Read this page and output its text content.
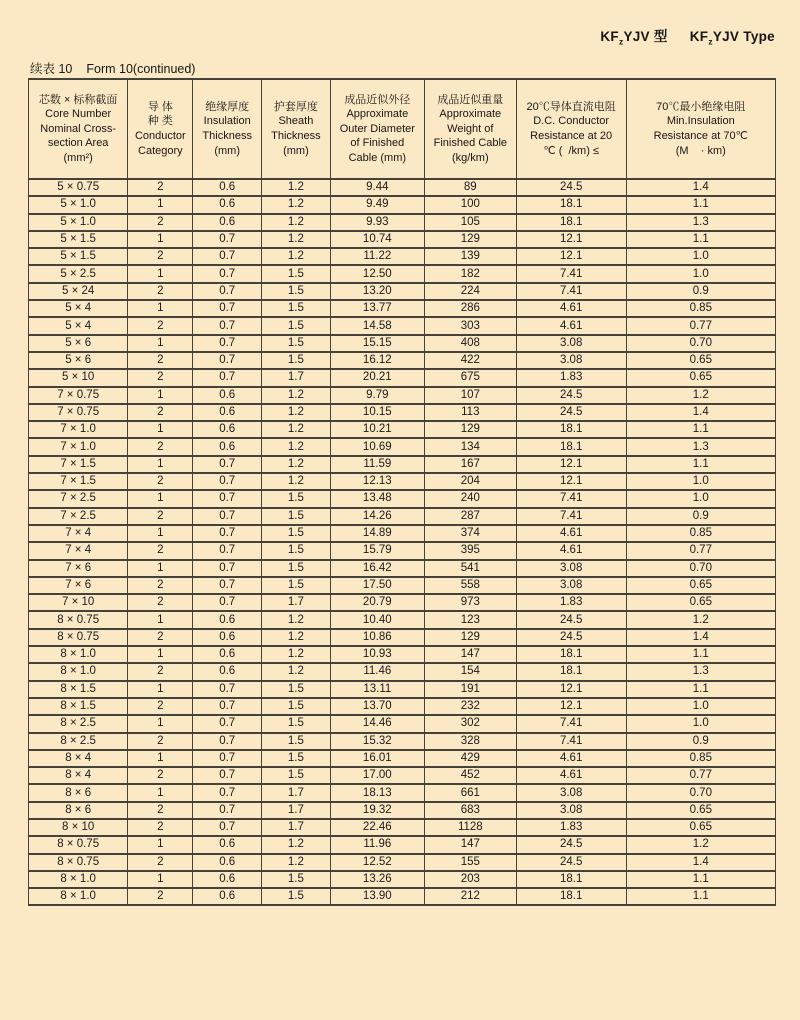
$KF_zYJV$ 型 $KF_zYJV$ Type
续表 10 Form 10(continued)
芯数 × 标称截面
Core Number
Nominal Cross-
section Area
(mm²)

导 体
种 类
Conductor
Category

绝缘厚度
Insulation
Thickness
(mm)

护套厚度
Sheath
Thickness
(mm)

成品近似外径
Approximate
Outer Diameter
of Finished
Cable (mm)

成品近似重量
Approximate
Weight of
Finished Cable
(kg/km)

20℃导体直流电阻
D.C. Conductor
Resistance at 20
℃ (  /km) ≤

70℃最小绝缘电阻
Min.Insulation
Resistance at 70℃
(M    · km)

5 × 0.75	2	0.6	1.2	9.44	89	24.5	1.4
5 × 1.0	1	0.6	1.2	9.49	100	18.1	1.1
5 × 1.0	2	0.6	1.2	9.93	105	18.1	1.3
5 × 1.5	1	0.7	1.2	10.74	129	12.1	1.1
5 × 1.5	2	0.7	1.2	11.22	139	12.1	1.0
5 × 2.5	1	0.7	1.5	12.50	182	7.41	1.0
5 × 24	2	0.7	1.5	13.20	224	7.41	0.9
5 × 4	1	0.7	1.5	13.77	286	4.61	0.85
5 × 4	2	0.7	1.5	14.58	303	4.61	0.77
5 × 6	1	0.7	1.5	15.15	408	3.08	0.70
5 × 6	2	0.7	1.5	16.12	422	3.08	0.65
5 × 10	2	0.7	1.7	20.21	675	1.83	0.65
7 × 0.75	1	0.6	1.2	9.79	107	24.5	1.2
7 × 0.75	2	0.6	1.2	10.15	113	24.5	1.4
7 × 1.0	1	0.6	1.2	10.21	129	18.1	1.1
7 × 1.0	2	0.6	1.2	10.69	134	18.1	1.3
7 × 1.5	1	0.7	1.2	11.59	167	12.1	1.1
7 × 1.5	2	0.7	1.2	12.13	204	12.1	1.0
7 × 2.5	1	0.7	1.5	13.48	240	7.41	1.0
7 × 2.5	2	0.7	1.5	14.26	287	7.41	0.9
7 × 4	1	0.7	1.5	14.89	374	4.61	0.85
7 × 4	2	0.7	1.5	15.79	395	4.61	0.77
7 × 6	1	0.7	1.5	16.42	541	3.08	0.70
7 × 6	2	0.7	1.5	17.50	558	3.08	0.65
7 × 10	2	0.7	1.7	20.79	973	1.83	0.65
8 × 0.75	1	0.6	1.2	10.40	123	24.5	1.2
8 × 0.75	2	0.6	1.2	10.86	129	24.5	1.4
8 × 1.0	1	0.6	1.2	10.93	147	18.1	1.1
8 × 1.0	2	0.6	1.2	11.46	154	18.1	1.3
8 × 1.5	1	0.7	1.5	13.11	191	12.1	1.1
8 × 1.5	2	0.7	1.5	13.70	232	12.1	1.0
8 × 2.5	1	0.7	1.5	14.46	302	7.41	1.0
8 × 2.5	2	0.7	1.5	15.32	328	7.41	0.9
8 × 4	1	0.7	1.5	16.01	429	4.61	0.85
8 × 4	2	0.7	1.5	17.00	452	4.61	0.77
8 × 6	1	0.7	1.7	18.13	661	3.08	0.70
8 × 6	2	0.7	1.7	19.32	683	3.08	0.65
8 × 10	2	0.7	1.7	22.46	1128	1.83	0.65
8 × 0.75	1	0.6	1.2	11.96	147	24.5	1.2
8 × 0.75	2	0.6	1.2	12.52	155	24.5	1.4
8 × 1.0	1	0.6	1.5	13.26	203	18.1	1.1
8 × 1.0	2	0.6	1.5	13.90	212	18.1	1.1
